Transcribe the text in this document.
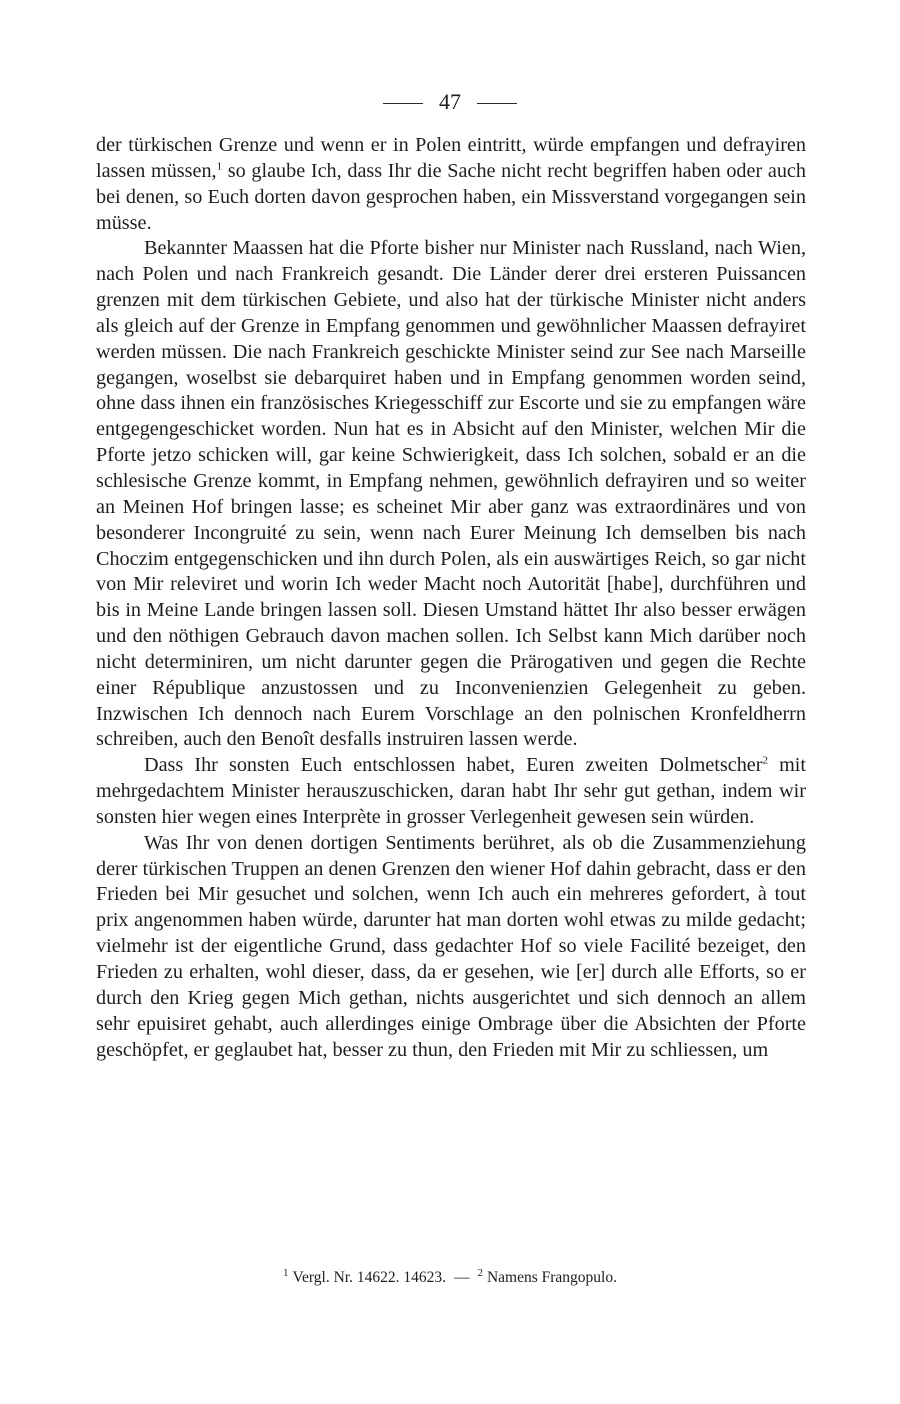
47

der türkischen Grenze und wenn er in Polen eintritt, würde empfangen und defrayiren lassen müssen,$^1$ so glaube Ich, dass Ihr die Sache nicht recht begriffen haben oder auch bei denen, so Euch dorten davon gesprochen haben, ein Missverstand vorgegangen sein müsse.

Bekannter Maassen hat die Pforte bisher nur Minister nach Russland, nach Wien, nach Polen und nach Frankreich gesandt. Die Länder derer drei ersteren Puissancen grenzen mit dem türkischen Gebiete, und also hat der türkische Minister nicht anders als gleich auf der Grenze in Empfang genommen und gewöhnlicher Maassen defrayiret werden müssen. Die nach Frankreich geschickte Minister seind zur See nach Marseille gegangen, woselbst sie debarquiret haben und in Empfang genommen worden seind, ohne dass ihnen ein französisches Kriegesschiff zur Escorte und sie zu empfangen wäre entgegengeschicket worden. Nun hat es in Absicht auf den Minister, welchen Mir die Pforte jetzo schicken will, gar keine Schwierigkeit, dass Ich solchen, sobald er an die schlesische Grenze kommt, in Empfang nehmen, gewöhnlich defrayiren und so weiter an Meinen Hof bringen lasse; es scheinet Mir aber ganz was extraordinäres und von besonderer Incongruité zu sein, wenn nach Eurer Meinung Ich demselben bis nach Choczim entgegenschicken und ihn durch Polen, als ein auswärtiges Reich, so gar nicht von Mir releviret und worin Ich weder Macht noch Autorität [habe], durchführen und bis in Meine Lande bringen lassen soll. Diesen Umstand hättet Ihr also besser erwägen und den nöthigen Gebrauch davon machen sollen. Ich Selbst kann Mich darüber noch nicht determiniren, um nicht darunter gegen die Prärogativen und gegen die Rechte einer République anzustossen und zu Inconvenienzien Gelegenheit zu geben. Inzwischen Ich dennoch nach Eurem Vorschlage an den polnischen Kronfeldherrn schreiben, auch den Benoît desfalls instruiren lassen werde.

Dass Ihr sonsten Euch entschlossen habet, Euren zweiten Dolmetscher$^2$ mit mehrgedachtem Minister herauszuschicken, daran habt Ihr sehr gut gethan, indem wir sonsten hier wegen eines Interprète in grosser Verlegenheit gewesen sein würden.

Was Ihr von denen dortigen Sentiments berühret, als ob die Zusammenziehung derer türkischen Truppen an denen Grenzen den wiener Hof dahin gebracht, dass er den Frieden bei Mir gesuchet und solchen, wenn Ich auch ein mehreres gefordert, à tout prix angenommen haben würde, darunter hat man dorten wohl etwas zu milde gedacht; vielmehr ist der eigentliche Grund, dass gedachter Hof so viele Facilité bezeiget, den Frieden zu erhalten, wohl dieser, dass, da er gesehen, wie [er] durch alle Efforts, so er durch den Krieg gegen Mich gethan, nichts ausgerichtet und sich dennoch an allem sehr epuisiret gehabt, auch allerdinges einige Ombrage über die Absichten der Pforte geschöpfet, er geglaubet hat, besser zu thun, den Frieden mit Mir zu schliessen, um

$^1$ Vergl. Nr. 14622. 14623. — $^2$ Namens Frangopulo.
